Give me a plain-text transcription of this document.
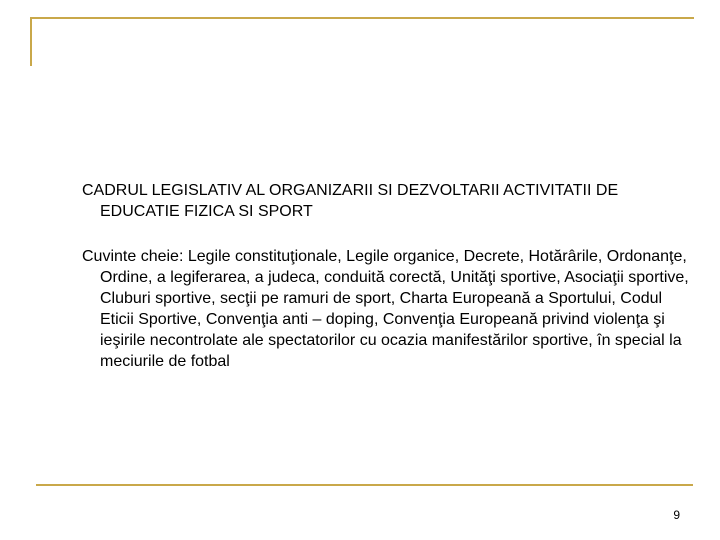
CADRUL LEGISLATIV AL ORGANIZARII SI DEZVOLTARII ACTIVITATII DE EDUCATIE FIZICA SI SPORT

Cuvinte cheie: Legile constituţionale, Legile organice, Decrete, Hotărârile, Ordonanţe, Ordine, a legiferarea, a judeca, conduită corectă, Unităţi sportive, Asociaţii sportive, Cluburi sportive, secţii pe ramuri de sport, Charta Europeană a Sportului, Codul Eticii Sportive, Convenţia anti – doping, Convenţia Europeană privind violenţa şi ieşirile necontrolate ale spectatorilor cu ocazia manifestărilor sportive, în special la meciurile de fotbal

9
